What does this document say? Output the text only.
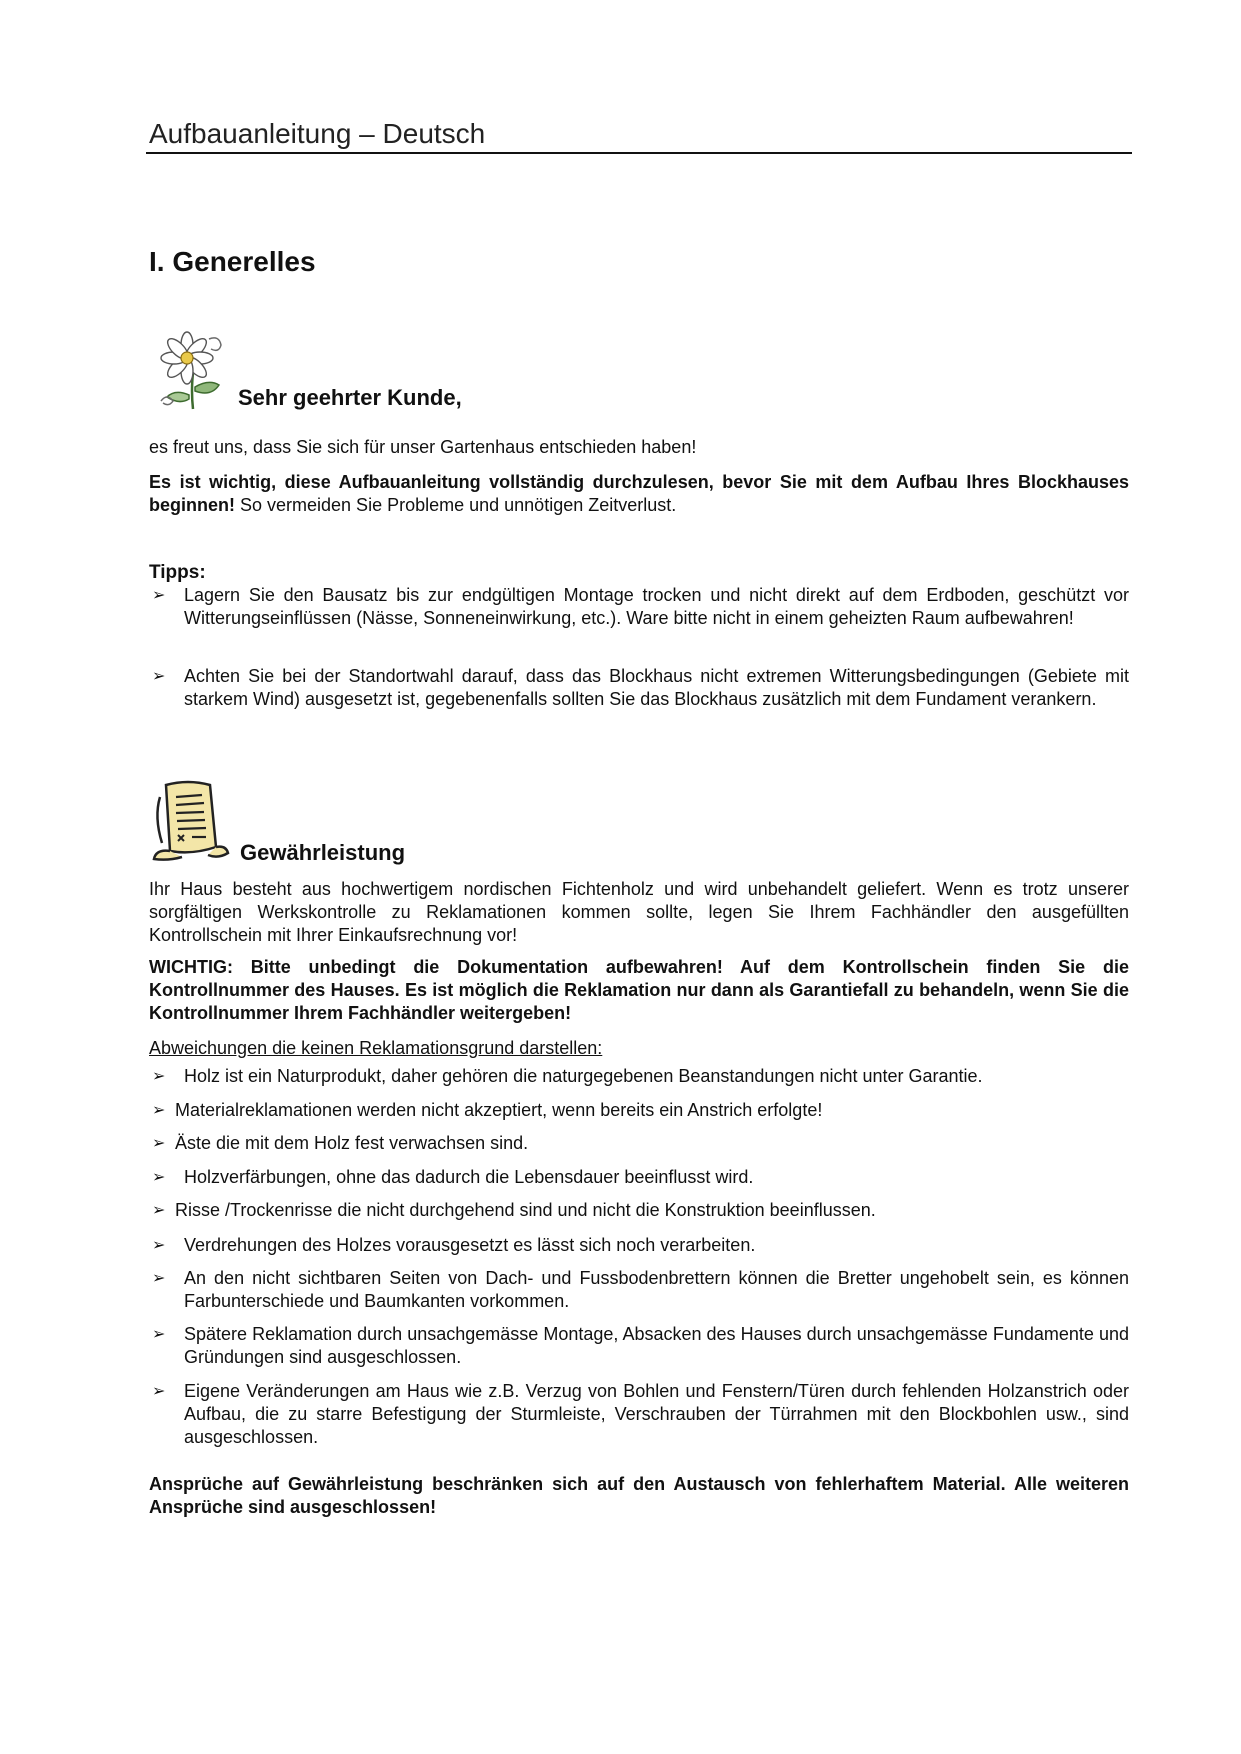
Aufbauanleitung – Deutsch
I. Generelles
Sehr geehrter Kunde,
es freut uns, dass Sie sich für unser Gartenhaus entschieden haben!
Es ist wichtig, diese Aufbauanleitung vollständig durchzulesen, bevor Sie mit dem Aufbau Ihres Blockhauses beginnen! So vermeiden Sie Probleme und unnötigen Zeitverlust.
Tipps:
➢ Lagern Sie den Bausatz bis zur endgültigen Montage trocken und nicht direkt auf dem Erdboden, geschützt vor Witterungseinflüssen (Nässe, Sonneneinwirkung, etc.). Ware bitte nicht in einem geheizten Raum aufbewahren!
➢ Achten Sie bei der Standortwahl darauf, dass das Blockhaus nicht extremen Witterungsbedingungen (Gebiete mit starkem Wind) ausgesetzt ist, gegebenenfalls sollten Sie das Blockhaus zusätzlich mit dem Fundament verankern.
Gewährleistung
Ihr Haus besteht aus hochwertigem nordischen Fichtenholz und wird unbehandelt geliefert. Wenn es trotz unserer sorgfältigen Werkskontrolle zu Reklamationen kommen sollte, legen Sie Ihrem Fachhändler den ausgefüllten Kontrollschein mit Ihrer Einkaufsrechnung vor!
WICHTIG: Bitte unbedingt die Dokumentation aufbewahren! Auf dem Kontrollschein finden Sie die Kontrollnummer des Hauses. Es ist möglich die Reklamation nur dann als Garantiefall zu behandeln, wenn Sie die Kontrollnummer Ihrem Fachhändler weitergeben!
Abweichungen die keinen Reklamationsgrund darstellen:
➢ Holz ist ein Naturprodukt, daher gehören die naturgegebenen Beanstandungen nicht unter Garantie.
➢ Materialreklamationen werden nicht akzeptiert, wenn bereits ein Anstrich erfolgte!
➢ Äste die mit dem Holz fest verwachsen sind.
➢ Holzverfärbungen, ohne das dadurch die Lebensdauer beeinflusst wird.
➢ Risse /Trockenrisse die nicht durchgehend sind und nicht die Konstruktion beeinflussen.
➢ Verdrehungen des Holzes vorausgesetzt es lässt sich noch verarbeiten.
➢ An den nicht sichtbaren Seiten von Dach- und Fussbodenbrettern können die Bretter ungehobelt sein, es können Farbunterschiede und Baumkanten vorkommen.
➢ Spätere Reklamation durch unsachgemässe Montage, Absacken des Hauses durch unsachgemässe Fundamente und Gründungen sind ausgeschlossen.
➢ Eigene Veränderungen am Haus wie z.B. Verzug von Bohlen und Fenstern/Türen durch fehlenden Holzanstrich oder Aufbau, die zu starre Befestigung der Sturmleiste, Verschrauben der Türrahmen mit den Blockbohlen usw., sind ausgeschlossen.
Ansprüche auf Gewährleistung beschränken sich auf den Austausch von fehlerhaftem Material. Alle weiteren Ansprüche sind ausgeschlossen!
